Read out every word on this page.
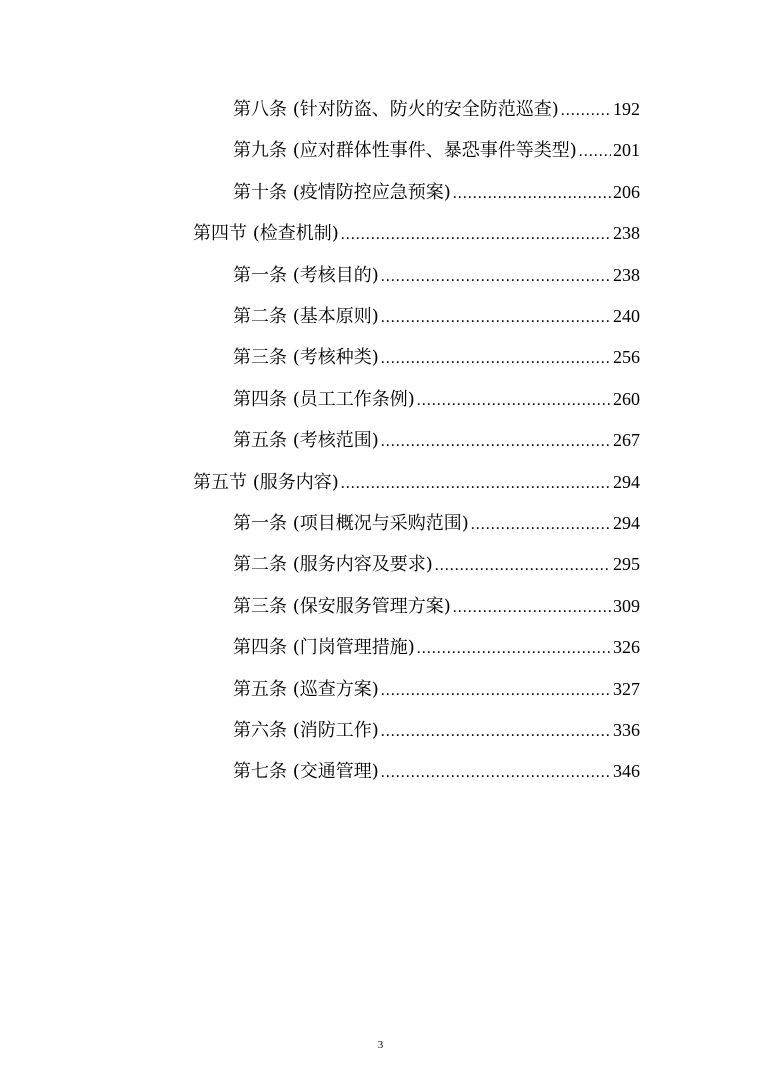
第八条 (针对防盗、防火的安全防范巡查) .....	192
第九条 (应对群体性事件、暴恐事件等类型) ..... 201
第十条 (疫情防控应急预案) .....	206
第四节 (检查机制) .....	238
第一条 (考核目的) .....	238
第二条 (基本原则) .....	240
第三条 (考核种类) .....	256
第四条 (员工工作条例) .....	260
第五条 (考核范围) .....	267
第五节 (服务内容) .....	294
第一条 (项目概况与采购范围) .....	294
第二条 (服务内容及要求) .....	295
第三条 (保安服务管理方案) .....	309
第四条 (门岗管理措施) .....	326
第五条 (巡查方案) .....	327
第六条 (消防工作) .....	336
第七条 (交通管理) .....	346
3
